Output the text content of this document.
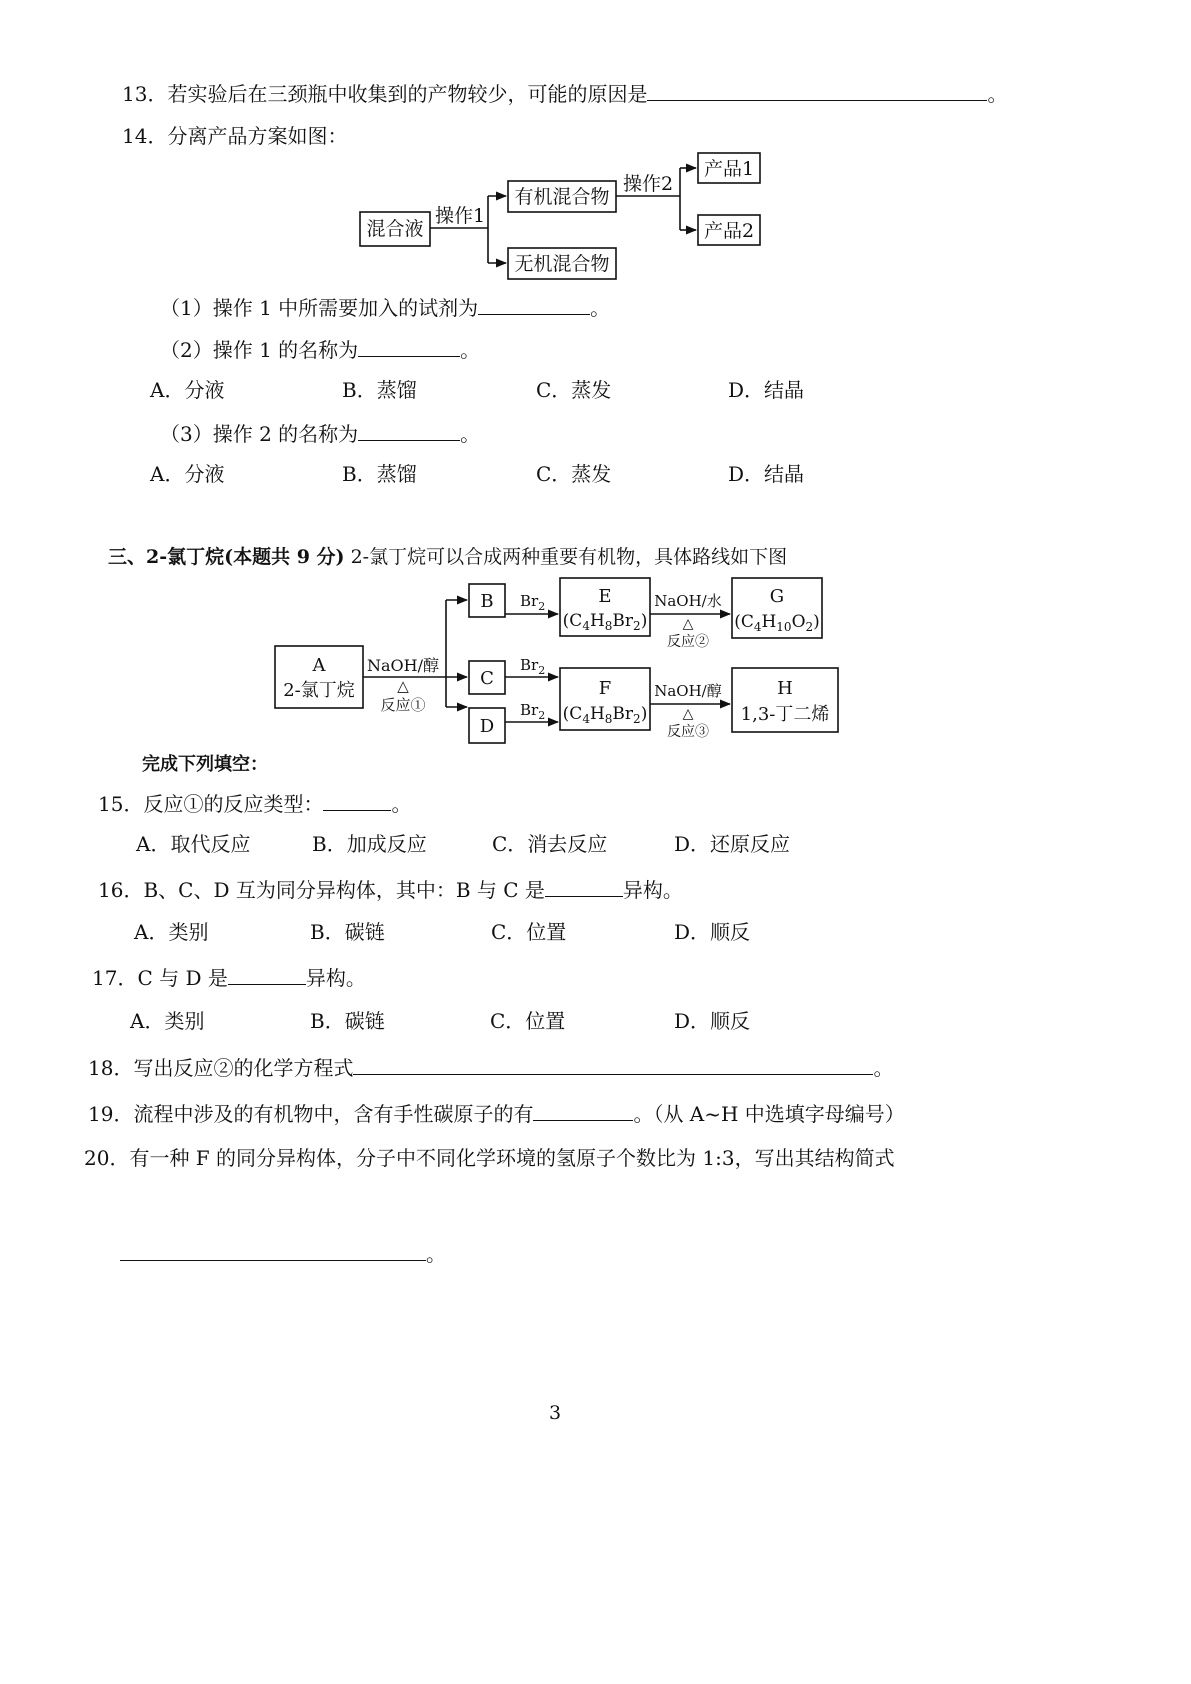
13．若实验后在三颈瓶中收集到的产物较少，可能的原因是	。
14．分离产品方案如图：
混合液
操作1
有机混合物
无机混合物
操作2
产品1
产品2
（1）操作 1 中所需要加入的试剂为	。
（2）操作 1 的名称为	。
A．分液	B．蒸馏	C．蒸发	D．结晶
（3）操作 2 的名称为	。
A．分液	B．蒸馏	C．蒸发	D．结晶
三、2-氯丁烷(本题共 9 分) 2-氯丁烷可以合成两种重要有机物，具体路线如下图
A
2-氯丁烷
NaOH/醇
△
反应①
B
C
D
$Br_2$
$Br_2$
$Br_2$
E
$(C_4H_8Br_2)$
F
$(C_4H_8Br_2)$
NaOH/水
△
反应②
NaOH/醇
△
反应③
G
$(C_4H_{10}O_2)$
H
1,3-丁二烯
完成下列填空：
15．反应①的反应类型：	。
A．取代反应	B．加成反应	C．消去反应	D．还原反应
16．B、C、D 互为同分异构体，其中：B 与 C 是	异构。
A．类别	B．碳链	C．位置	D．顺反
17．C 与 D 是	异构。
A．类别	B．碳链	C．位置	D．顺反
18．写出反应②的化学方程式	。
19．流程中涉及的有机物中，含有手性碳原子的有	。（从 A~H 中选填字母编号）
20．有一种 F 的同分异构体，分子中不同化学环境的氢原子个数比为 1:3，写出其结构简式
。
3
